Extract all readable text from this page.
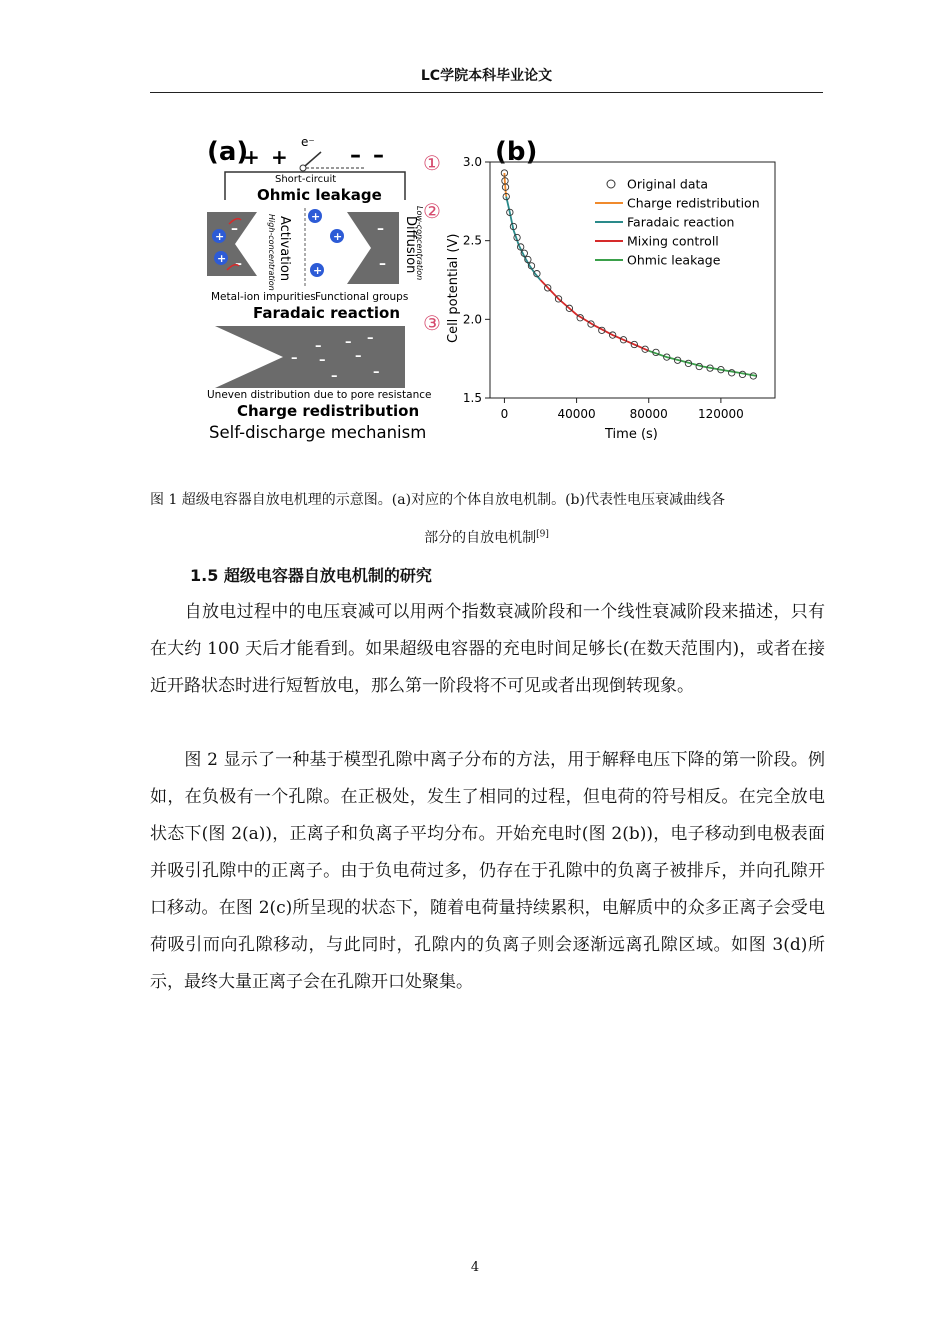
LC学院本科毕业论文
(a)
+ +	– –
e⁻
Short-circuit
Ohmic leakage
–
–
+
+
+
+
+
Activation
High-concentration	–
– Diffusion
Low-concentration
Metal-ion impurities Functional groups
Faradaic reaction
–
–
–
– – –
–	–
Uneven distribution due to pore resistance
Charge redistribution
Self-discharge mechanism
①
②
③
(b)
0	40000	80000	120000
1.5
2.0
2.5
3.0
Original data
Charge redistribution
Faradaic reaction
Mixing controll
Ohmic leakage
Cell potential (V)
Time (s)
图 1 超级电容器自放电机理的示意图。(a)对应的个体自放电机制。(b)代表性电压衰减曲线各
部分的自放电机制[9]
1.5 超级电容器自放电机制的研究

　　自放电过程中的电压衰减可以用两个指数衰减阶段和一个线性衰减阶段来描述，只有在大约 100 天后才能看到。如果超级电容器的充电时间足够长(在数天范围内)，或者在接近开路状态时进行短暂放电，那么第一阶段将不可见或者出现倒转现象。

　　图 2 显示了一种基于模型孔隙中离子分布的方法，用于解释电压下降的第一阶段。例如，在负极有一个孔隙。在正极处，发生了相同的过程，但电荷的符号相反。在完全放电状态下(图 2(a))，正离子和负离子平均分布。开始充电时(图 2(b))，电子移动到电极表面并吸引孔隙中的正离子。由于负电荷过多，仍存在于孔隙中的负离子被排斥，并向孔隙开口移动。在图 2(c)所呈现的状态下，随着电荷量持续累积，电解质中的众多正离子会受电荷吸引而向孔隙移动，与此同时，孔隙内的负离子则会逐渐远离孔隙区域。如图 3(d)所示，最终大量正离子会在孔隙开口处聚集。

4
